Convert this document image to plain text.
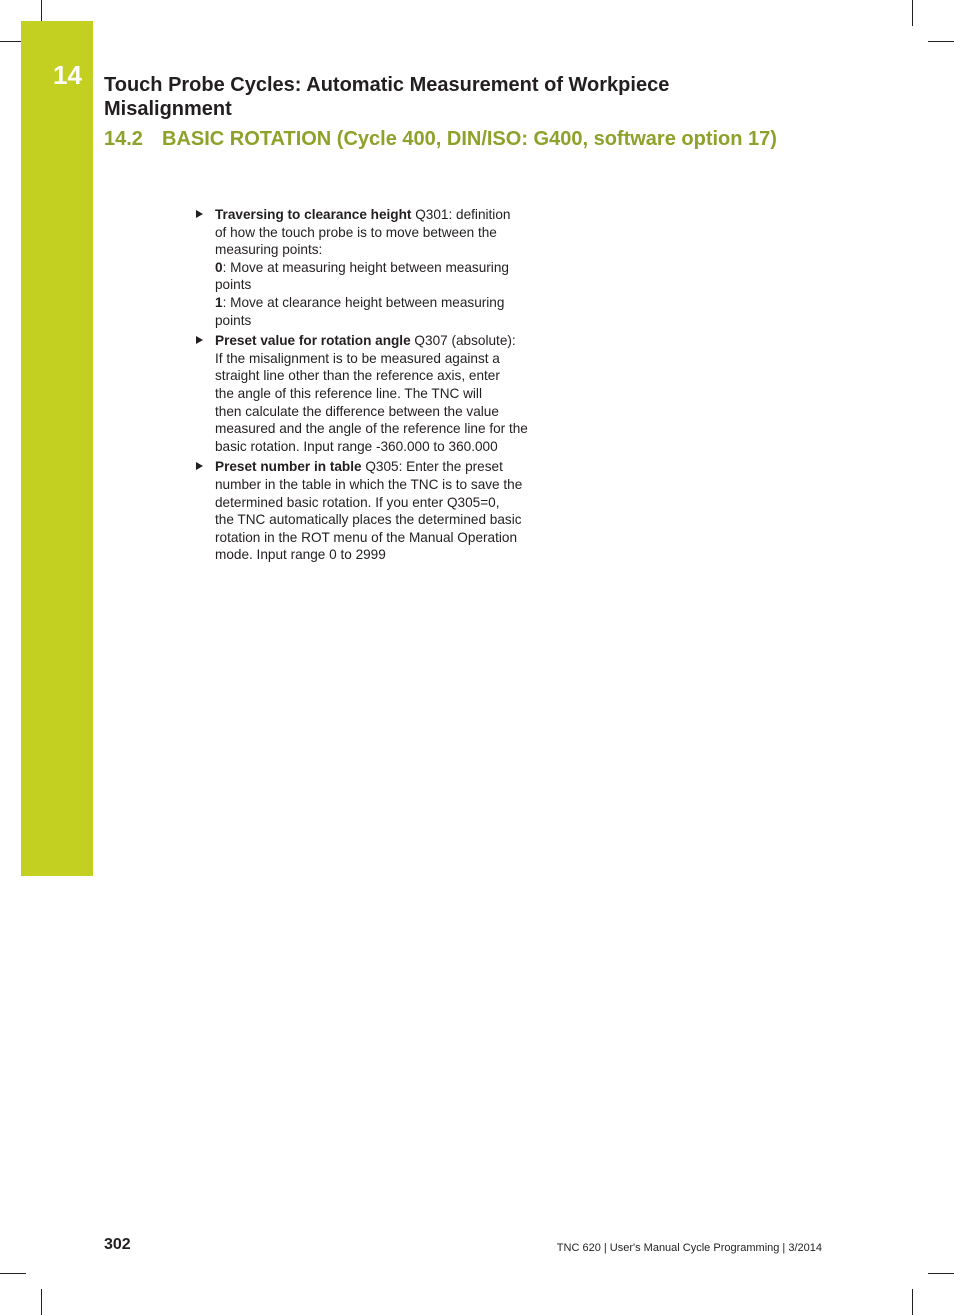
14 Touch Probe Cycles: Automatic Measurement of Workpiece
Misalignment
14.2 BASIC ROTATION (Cycle 400, DIN/ISO: G400, software option 17)
Traversing to clearance height Q301: definition
of how the touch probe is to move between the
measuring points:
0: Move at measuring height between measuring
points
1: Move at clearance height between measuring
points
Preset value for rotation angle Q307 (absolute):
If the misalignment is to be measured against a
straight line other than the reference axis, enter
the angle of this reference line. The TNC will
then calculate the difference between the value
measured and the angle of the reference line for the
basic rotation. Input range -360.000 to 360.000
Preset number in table Q305: Enter the preset
number in the table in which the TNC is to save the
determined basic rotation. If you enter Q305=0,
the TNC automatically places the determined basic
rotation in the ROT menu of the Manual Operation
mode. Input range 0 to 2999
302	TNC 620 | User's Manual Cycle Programming | 3/2014
